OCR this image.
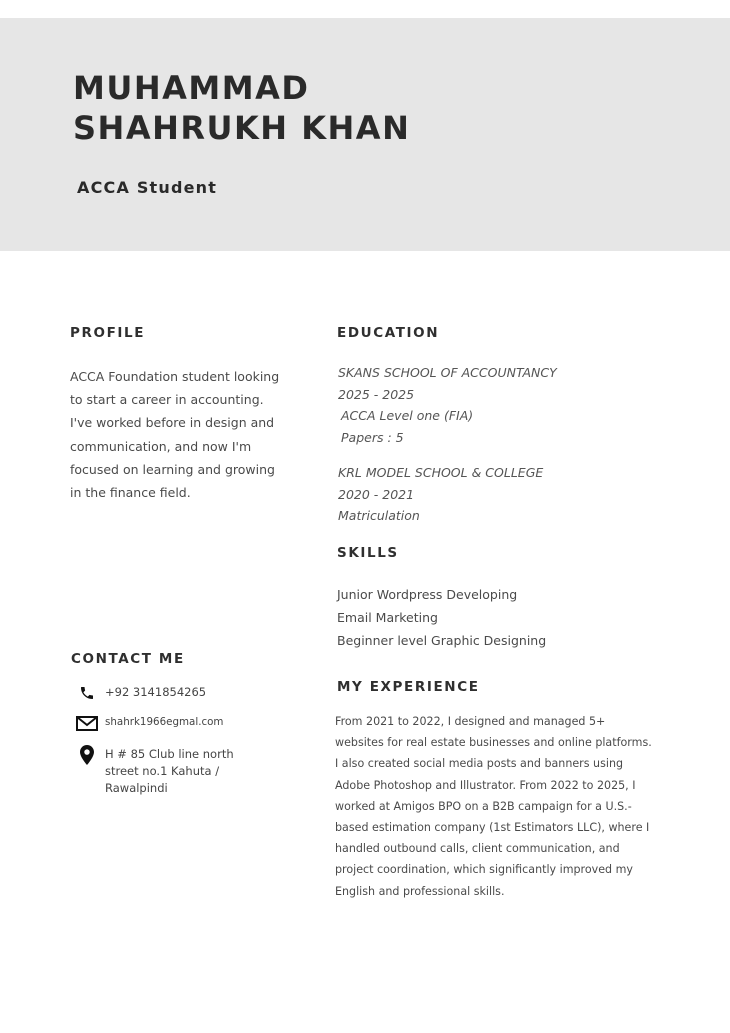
MUHAMMAD
SHAHRUKH KHAN
ACCA Student
PROFILE

ACCA Foundation student looking to start a career in accounting. I've worked before in design and communication, and now I'm focused on learning and growing in the finance field.

EDUCATION
SKANS SCHOOL OF ACCOUNTANCY
2025 - 2025
ACCA Level one (FIA)
Papers : 5
KRL MODEL SCHOOL & COLLEGE
2020 - 2021
Matriculation
SKILLS
Junior Wordpress Developing
Email Marketing
Beginner level Graphic Designing
CONTACT ME
+92 3141854265
shahrk1966egmal.com
H # 85 Club line north street no.1 Kahuta / Rawalpindi
MY EXPERIENCE

From 2021 to 2022, I designed and managed 5+ websites for real estate businesses and online platforms. I also created social media posts and banners using Adobe Photoshop and Illustrator. From 2022 to 2025, I worked at Amigos BPO on a B2B campaign for a U.S.-based estimation company (1st Estimators LLC), where I handled outbound calls, client communication, and project coordination, which significantly improved my English and professional skills.
